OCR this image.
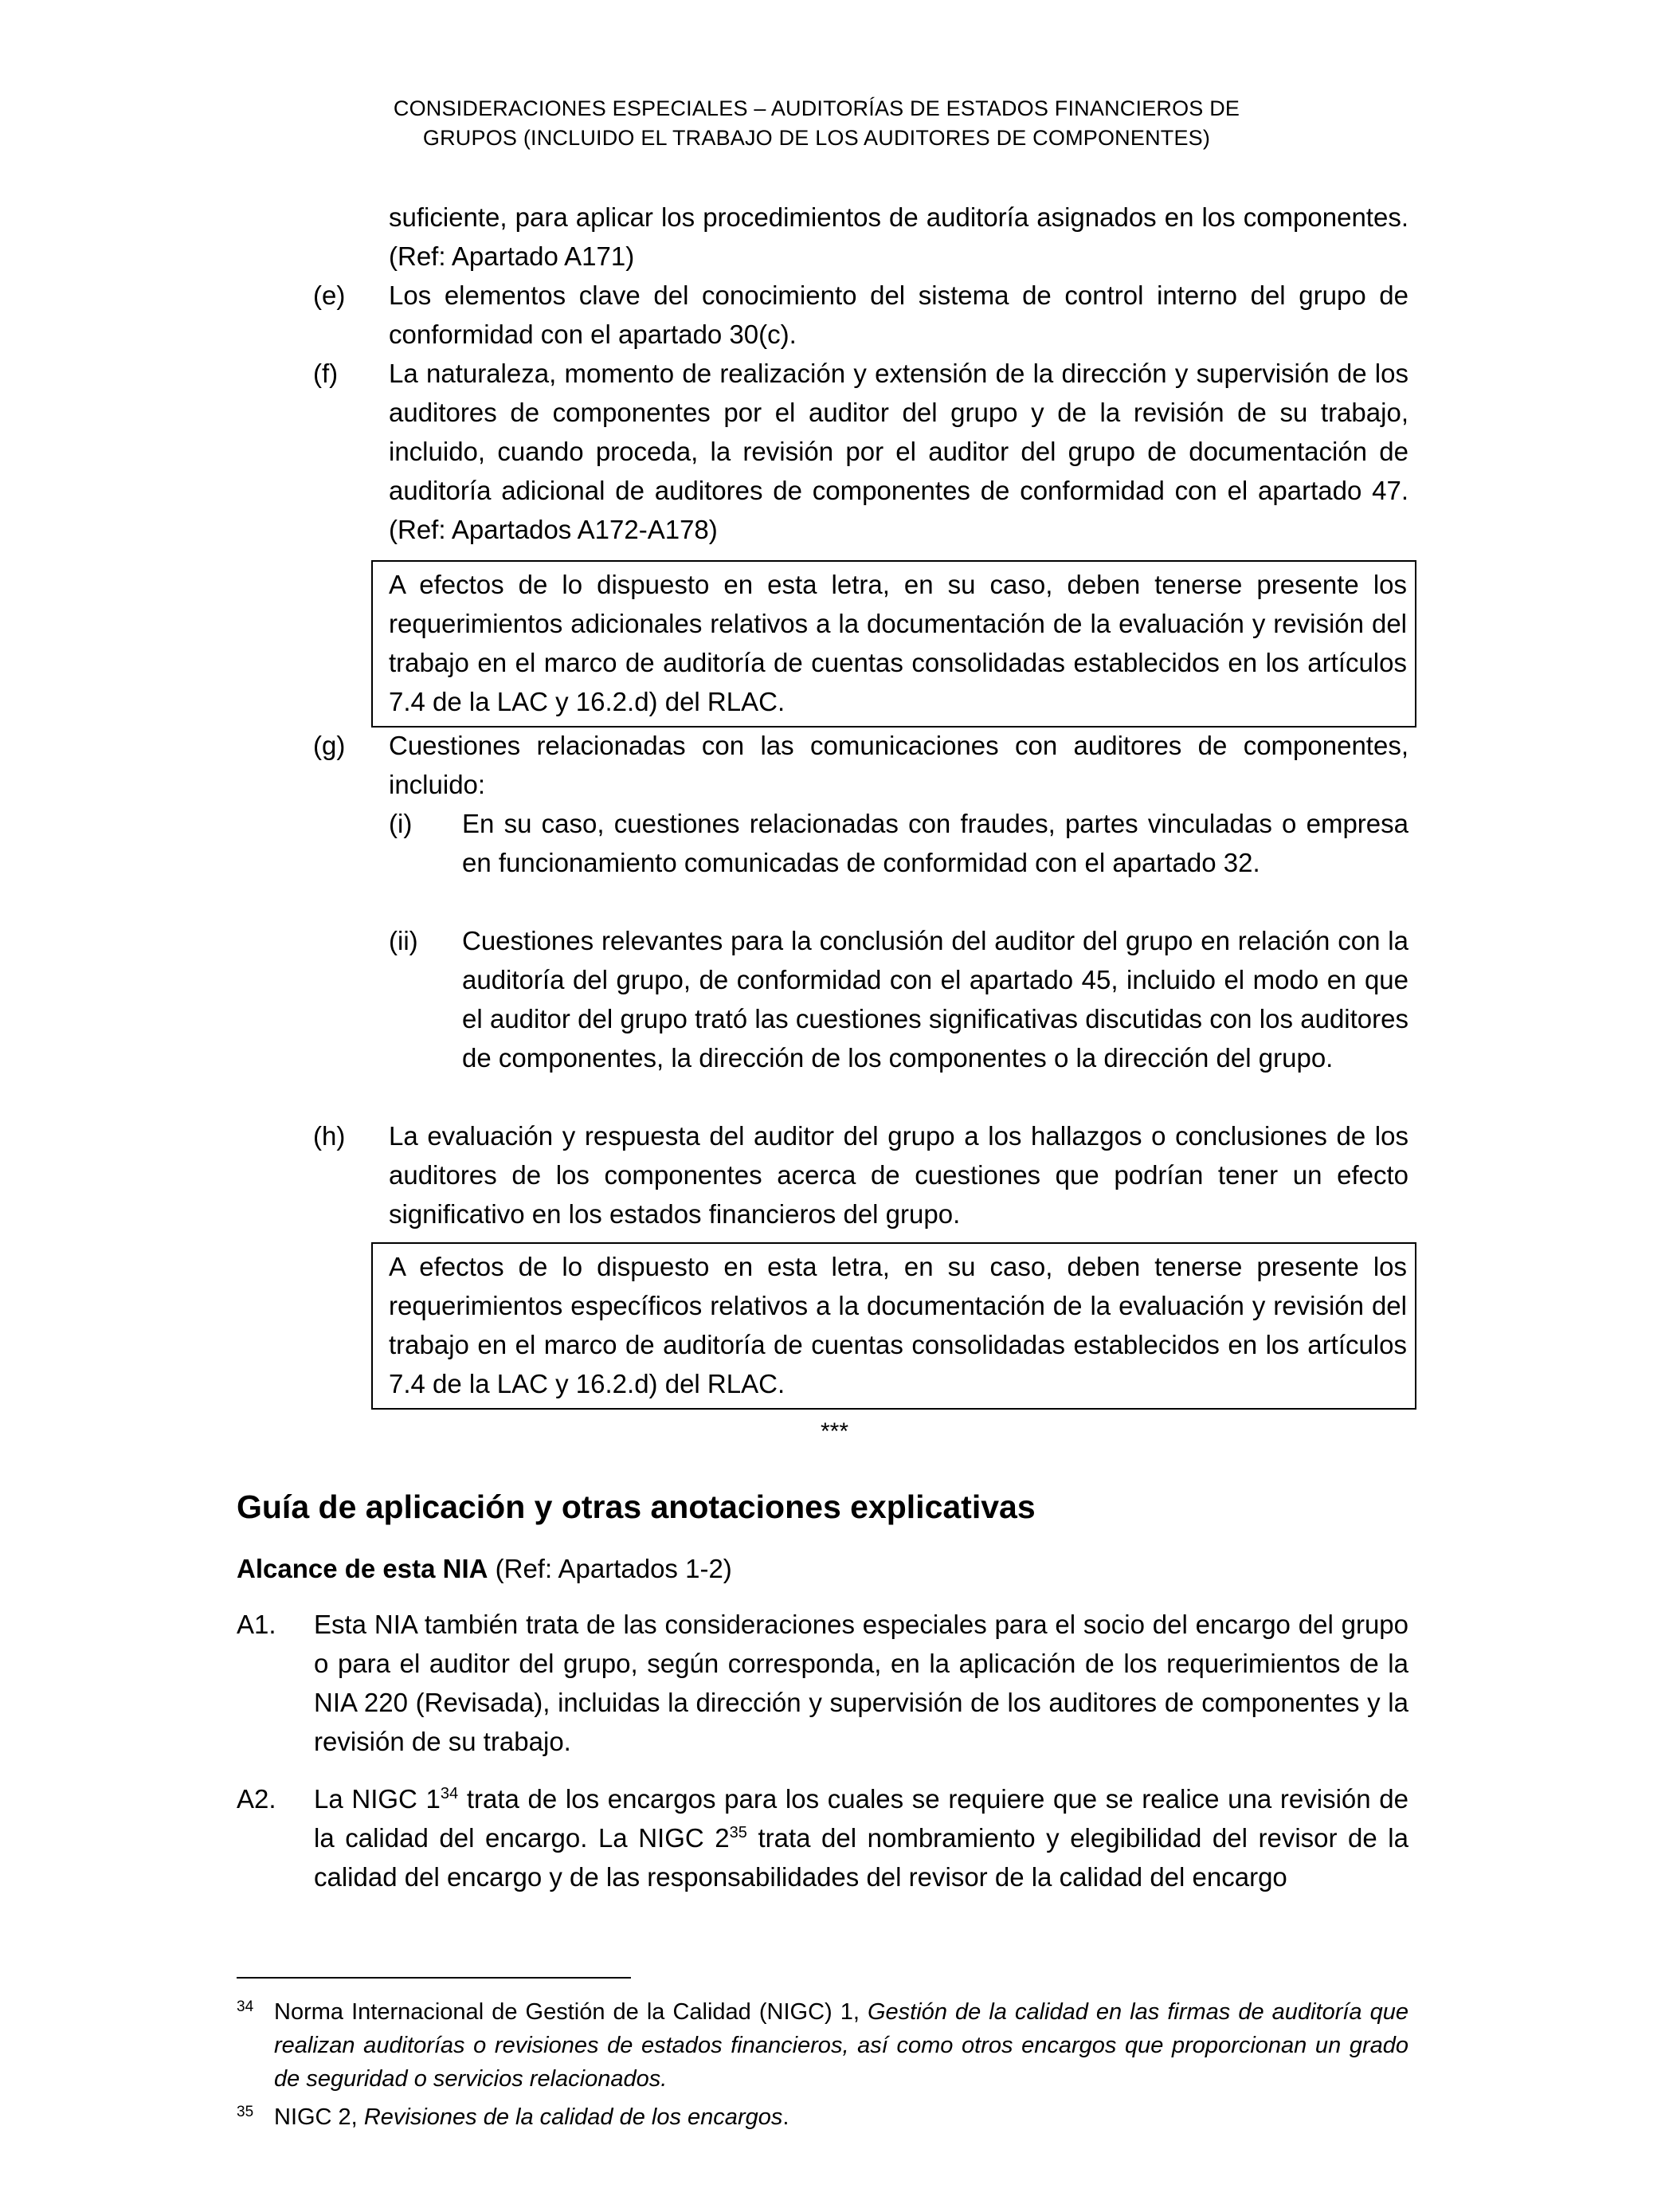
CONSIDERACIONES ESPECIALES – AUDITORÍAS DE ESTADOS FINANCIEROS DE
GRUPOS (INCLUIDO EL TRABAJO DE LOS AUDITORES DE COMPONENTES)
suficiente, para aplicar los procedimientos de auditoría asignados en los componentes. (Ref: Apartado A171)
(e)	Los elementos clave del conocimiento del sistema de control interno del grupo de conformidad con el apartado 30(c).
(f)	La naturaleza, momento de realización y extensión de la dirección y supervisión de los auditores de componentes por el auditor del grupo y de la revisión de su trabajo, incluido, cuando proceda, la revisión por el auditor del grupo de documentación de auditoría adicional de auditores de componentes de conformidad con el apartado 47. (Ref: Apartados A172-A178)
A efectos de lo dispuesto en esta letra, en su caso, deben tenerse presente los requerimientos adicionales relativos a la documentación de la evaluación y revisión del trabajo en el marco de auditoría de cuentas consolidadas establecidos en los artículos 7.4 de la LAC y 16.2.d) del RLAC.
(g)	Cuestiones relacionadas con las comunicaciones con auditores de componentes, incluido:
(i)	En su caso, cuestiones relacionadas con fraudes, partes vinculadas o empresa en funcionamiento comunicadas de conformidad con el apartado 32.
(ii)	Cuestiones relevantes para la conclusión del auditor del grupo en relación con la auditoría del grupo, de conformidad con el apartado 45, incluido el modo en que el auditor del grupo trató las cuestiones significativas discutidas con los auditores de componentes, la dirección de los componentes o la dirección del grupo.
(h)	La evaluación y respuesta del auditor del grupo a los hallazgos o conclusiones de los auditores de los componentes acerca de cuestiones que podrían tener un efecto significativo en los estados financieros del grupo.
A efectos de lo dispuesto en esta letra, en su caso, deben tenerse presente los requerimientos específicos relativos a la documentación de la evaluación y revisión del trabajo en el marco de auditoría de cuentas consolidadas establecidos en los artículos 7.4 de la LAC y 16.2.d) del RLAC.
***
Guía de aplicación y otras anotaciones explicativas
Alcance de esta NIA (Ref: Apartados 1-2)
A1.	Esta NIA también trata de las consideraciones especiales para el socio del encargo del grupo o para el auditor del grupo, según corresponda, en la aplicación de los requerimientos de la NIA 220 (Revisada), incluidas la dirección y supervisión de los auditores de componentes y la revisión de su trabajo.
A2.	La NIGC $1^{34}$ trata de los encargos para los cuales se requiere que se realice una revisión de la calidad del encargo. La NIGC $2^{35}$ trata del nombramiento y elegibilidad del revisor de la calidad del encargo y de las responsabilidades del revisor de la calidad del encargo
34 Norma Internacional de Gestión de la Calidad (NIGC) 1, Gestión de la calidad en las firmas de auditoría que realizan auditorías o revisiones de estados financieros, así como otros encargos que proporcionan un grado de seguridad o servicios relacionados.
35 NIGC 2, Revisiones de la calidad de los encargos.
